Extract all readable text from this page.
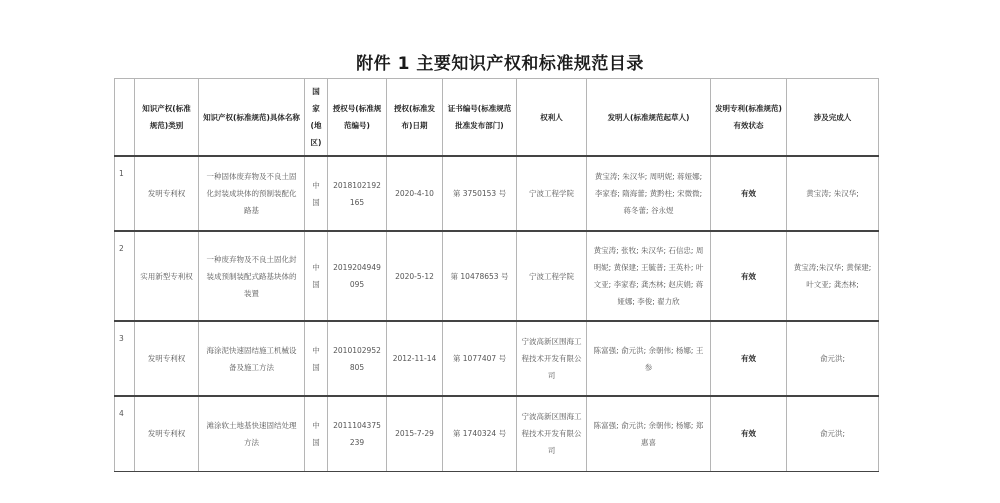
附件 1 主要知识产权和标准规范目录
	知识产权(标准规范)类别	知识产权(标准规范)具体名称	国家(地区)	授权号(标准规范编号)	授权(标准发布)日期	证书编号(标准规范批准发布部门)	权利人	发明人(标准规范起草人)	发明专利(标准规范)有效状态	涉及完成人
1	发明专利权	一种固体废弃物及不良土固化封装成块体的预制装配化路基	中国	2018102192165	2020-4-10	第 3750153 号	宁波工程学院	黄宝涛; 朱汉华; 周明妮; 蒋娅娜; 李家春; 隋海蕾; 黄黔柱; 宋微微; 蒋冬蕾; 谷永煜	有效	黄宝涛; 朱汉华;
2	实用新型专利权	一种废弃物及不良土固化封装成预制装配式路基块体的装置	中国	2019204949095	2020-5-12	第 10478653 号	宁波工程学院	黄宝涛; 张牧; 朱汉华; 石信忠; 周明妮; 黄保建; 王毓普; 王英朴; 叶文亚; 李家春; 龚杰林; 赵庆娟; 蒋娅娜; 李俊; 翟力欣	有效	黄宝涛;朱汉华; 黄保建; 叶文亚; 龚杰林;
3	发明专利权	海涂泥快速固结施工机械设备及施工方法	中国	2010102952805	2012-11-14	第 1077407 号	宁波高新区围海工程技术开发有限公司	陈富强; 俞元洪; 余朝伟; 杨娜; 王参	有效	俞元洪;
4	发明专利权	滩涂软土地基快速固结处理方法	中国	2011104375239	2015-7-29	第 1740324 号	宁波高新区围海工程技术开发有限公司	陈富强; 俞元洪; 余朝伟; 杨娜; 郑惠喜	有效	俞元洪;
